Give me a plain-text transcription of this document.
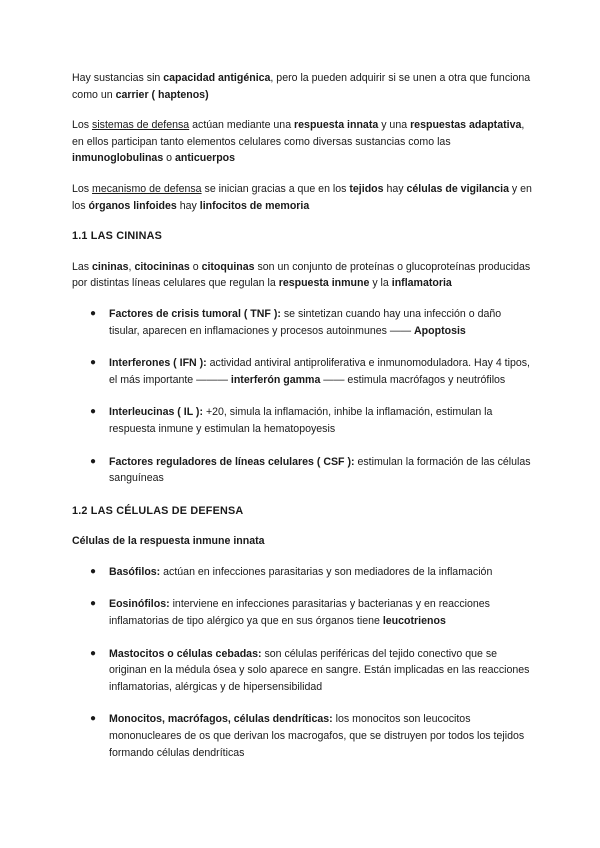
Hay sustancias sin capacidad antigénica, pero la pueden adquirir si se unen a otra que funciona como un carrier ( haptenos)

Los sistemas de defensa actúan mediante una respuesta innata y una respuestas adaptativa, en ellos participan tanto elementos celulares como diversas sustancias como las inmunoglobulinas o anticuerpos

Los mecanismo de defensa se inician gracias a que en los tejidos hay células de vigilancia y en los órganos linfoides hay linfocitos de memoria

1.1 LAS CININAS

Las cininas, citocininas o citoquinas son un conjunto de proteínas o glucoproteínas producidas por distintas líneas celulares que regulan la respuesta inmune y la inflamatoria

● Factores de crisis tumoral ( TNF ): se sintetizan cuando hay una infección o daño tisular, aparecen en inflamaciones y procesos autoinmunes —— Apoptosis
● Interferones ( IFN ): actividad antiviral antiproliferativa e inmunomoduladora. Hay 4 tipos, el más importante ——— interferón gamma —— estimula macrófagos y neutrófilos
● Interleucinas ( IL ): +20, simula la inflamación, inhibe la inflamación, estimulan la respuesta inmune y estimulan la hematopoyesis
● Factores reguladores de líneas celulares ( CSF ): estimulan la formación de las células sanguíneas

1.2 LAS CÉLULAS DE DEFENSA

Células de la respuesta inmune innata

● Basófilos: actúan en infecciones parasitarias y son mediadores de la inflamación
● Eosinófilos: interviene en infecciones parasitarias y bacterianas y en reacciones inflamatorias de tipo alérgico ya que en sus órganos tiene leucotrienos
● Mastocitos o células cebadas: son células periféricas del tejido conectivo que se originan en la médula ósea y solo aparece en sangre. Están implicadas en las reacciones inflamatorias, alérgicas y de hipersensibilidad
● Monocitos, macrófagos, células dendríticas: los monocitos son leucocitos mononucleares de os que derivan los macrogafos, que se distruyen por todos los tejidos formando células dendríticas
